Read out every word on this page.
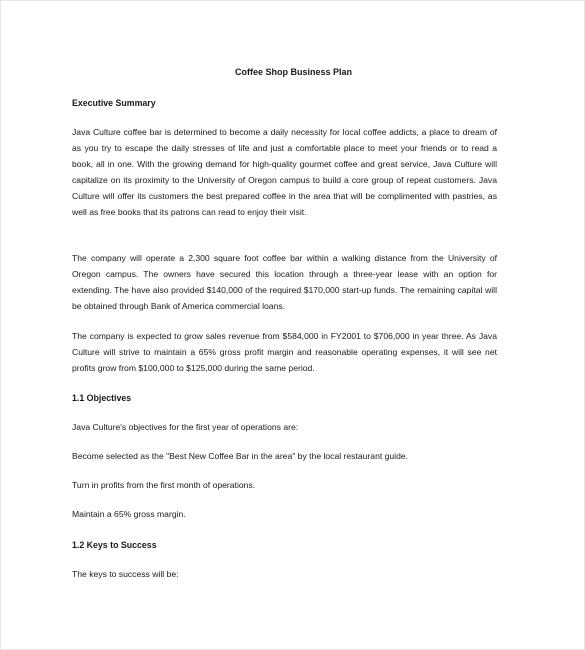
Coffee Shop Business Plan
Executive Summary

Java Culture coffee bar is determined to become a daily necessity for local coffee addicts, a place to dream of as you try to escape the daily stresses of life and just a comfortable place to meet your friends or to read a book, all in one. With the growing demand for high-quality gourmet coffee and great service, Java Culture will capitalize on its proximity to the University of Oregon campus to build a core group of repeat customers. Java Culture will offer its customers the best prepared coffee in the area that will be complimented with pastries, as well as free books that its patrons can read to enjoy their visit.

The company will operate a 2,300 square foot coffee bar within a walking distance from the University of Oregon campus. The owners have secured this location through a three-year lease with an option for extending. The have also provided $140,000 of the required $170,000 start-up funds. The remaining capital will be obtained through Bank of America commercial loans.

The company is expected to grow sales revenue from $584,000 in FY2001 to $706,000 in year three. As Java Culture will strive to maintain a 65% gross profit margin and reasonable operating expenses, it will see net profits grow from $100,000 to $125,000 during the same period.

1.1 Objectives
Java Culture's objectives for the first year of operations are:
Become selected as the "Best New Coffee Bar in the area" by the local restaurant guide.
Turn in profits from the first month of operations.
Maintain a 65% gross margin.
1.2 Keys to Success
The keys to success will be:
